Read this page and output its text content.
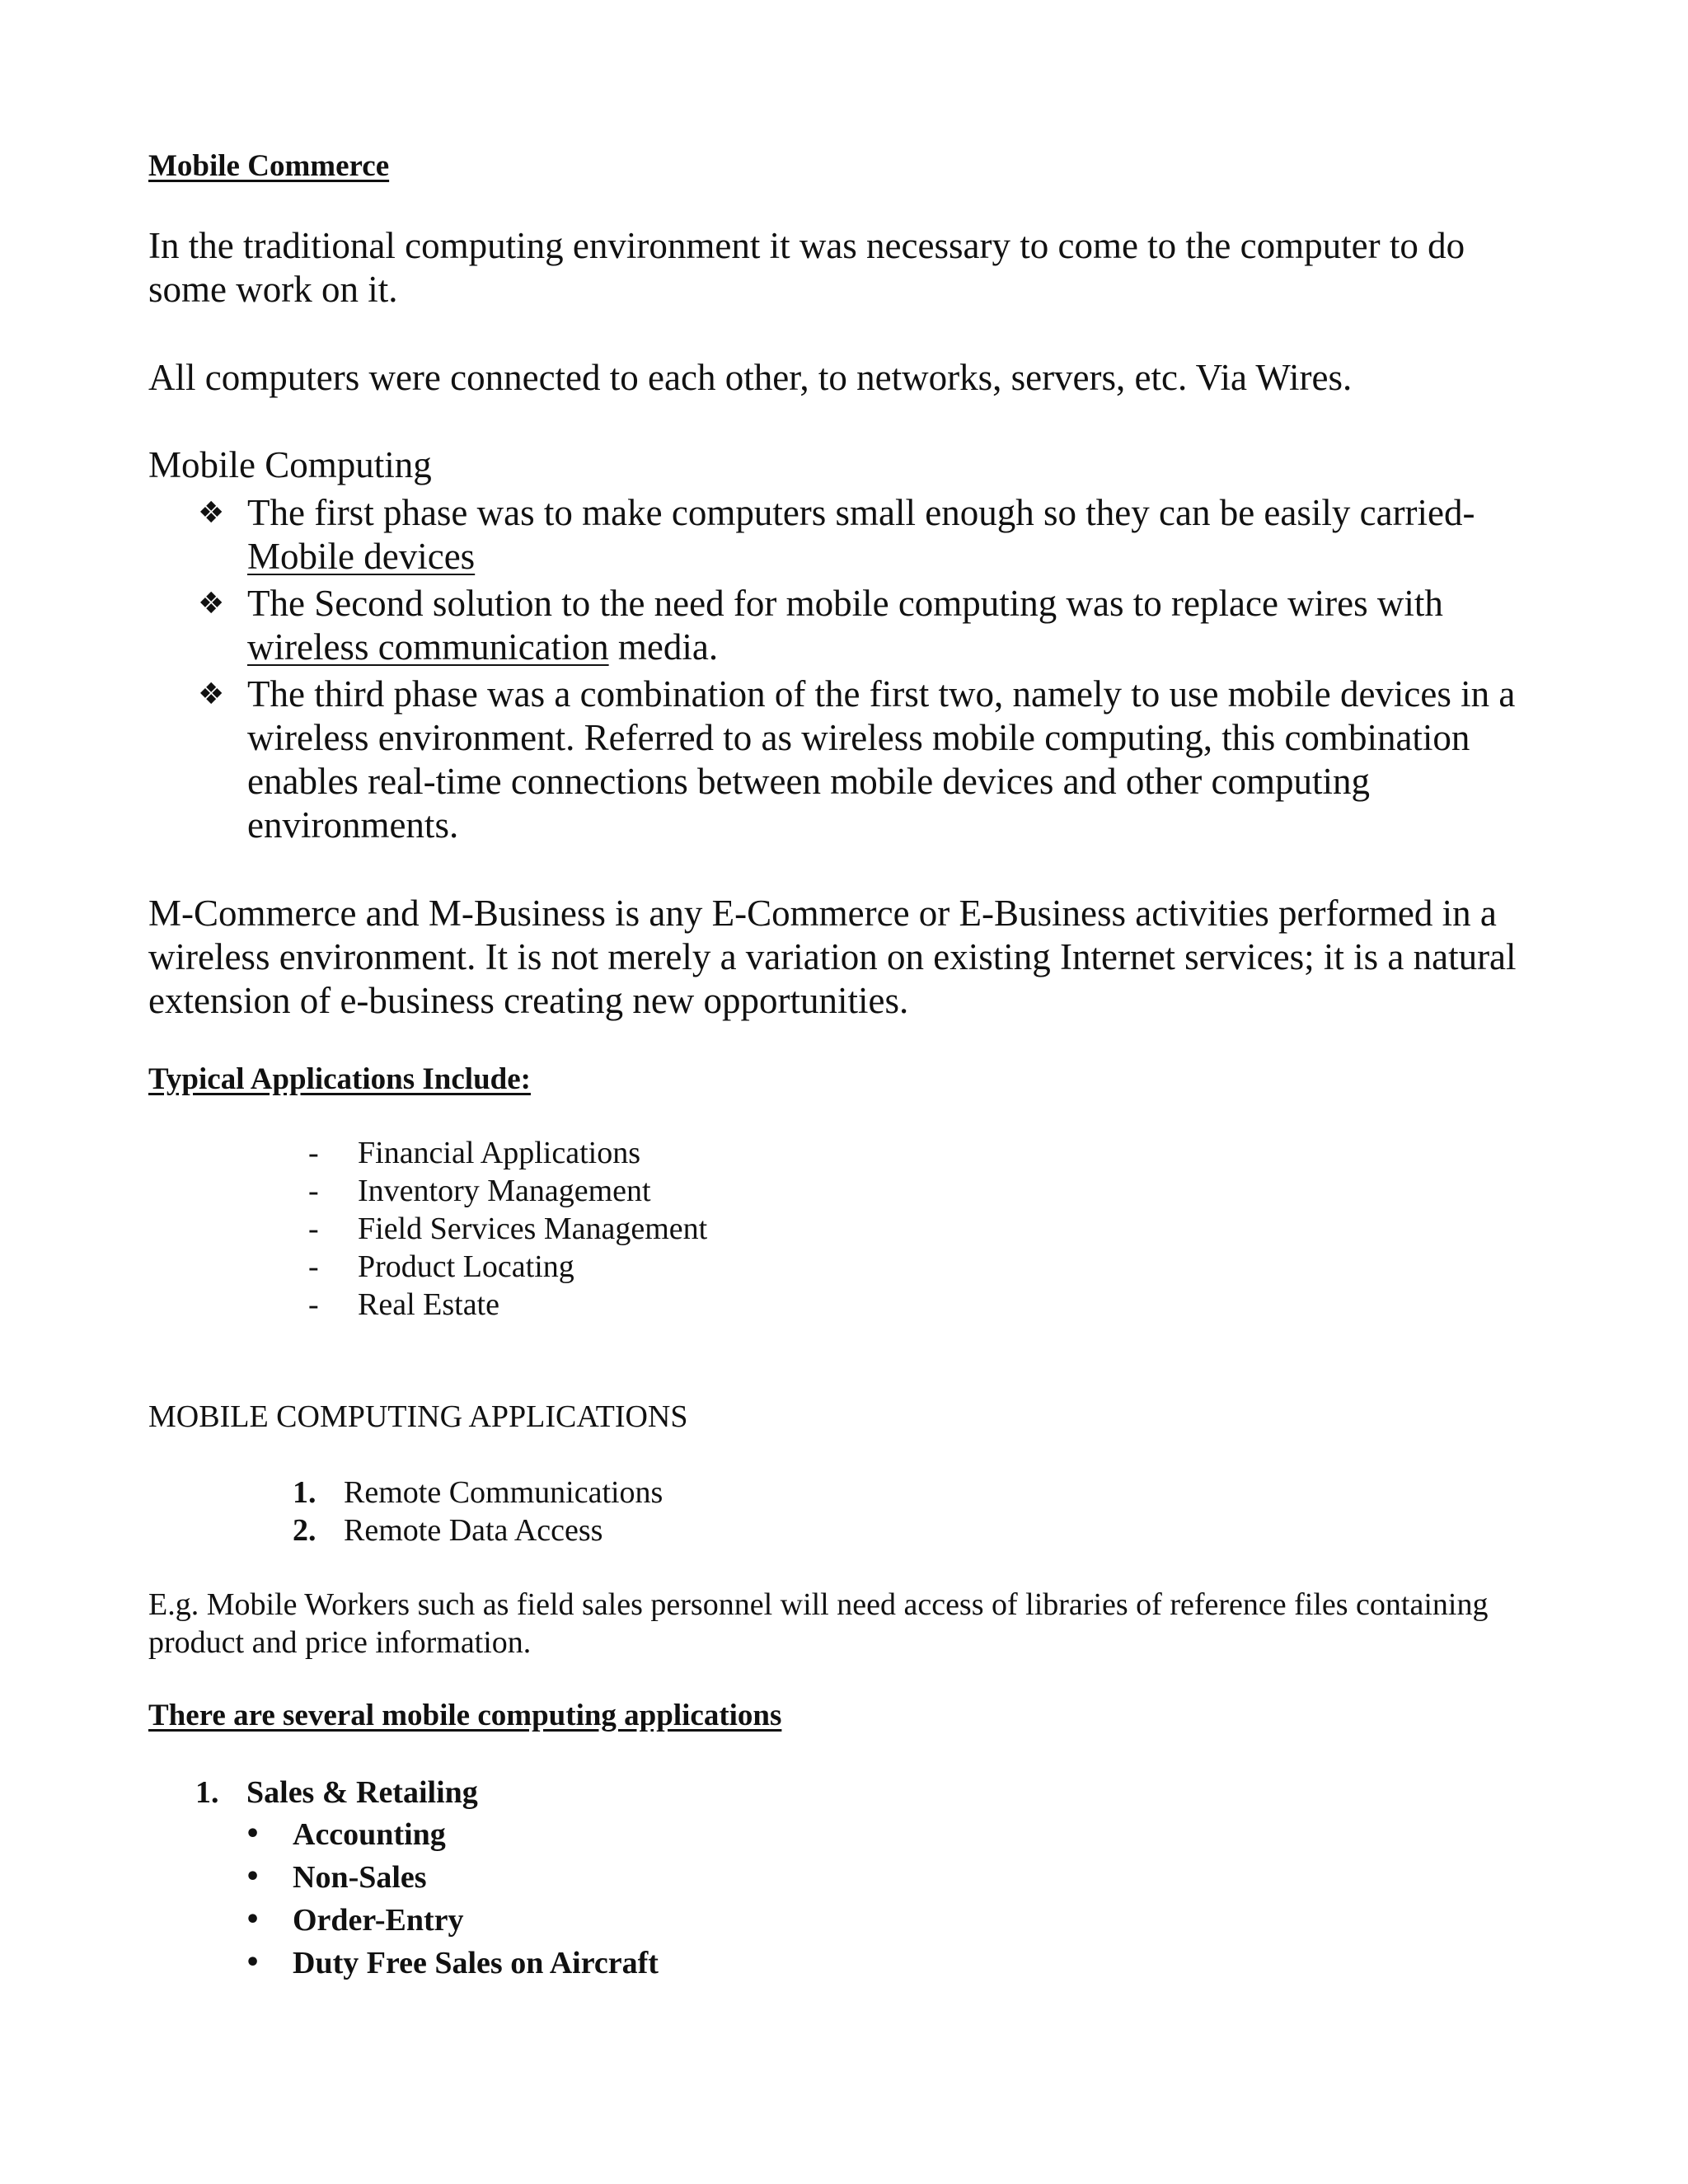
Mobile Commerce

In the traditional computing environment it was necessary to come to the computer to do some work on it.

All computers were connected to each other, to networks, servers, etc. Via Wires.

Mobile Computing

❖ The first phase was to make computers small enough so they can be easily carried-Mobile devices
❖ The Second solution to the need for mobile computing was to replace wires with wireless communication media.
❖ The third phase was a combination of the first two, namely to use mobile devices in a wireless environment. Referred to as wireless mobile computing, this combination enables real-time connections between mobile devices and other computing environments.

M-Commerce and M-Business is any E-Commerce or E-Business activities performed in a wireless environment. It is not merely a variation on existing Internet services; it is a natural extension of e-business creating new opportunities.

Typical Applications Include:

- Financial Applications
- Inventory Management
- Field Services Management
- Product Locating
- Real Estate

MOBILE COMPUTING APPLICATIONS

1. Remote Communications
2. Remote Data Access

E.g. Mobile Workers such as field sales personnel will need access of libraries of reference files containing product and price information.

There are several mobile computing applications

1. Sales & Retailing
• Accounting
• Non-Sales
• Order-Entry
• Duty Free Sales on Aircraft
